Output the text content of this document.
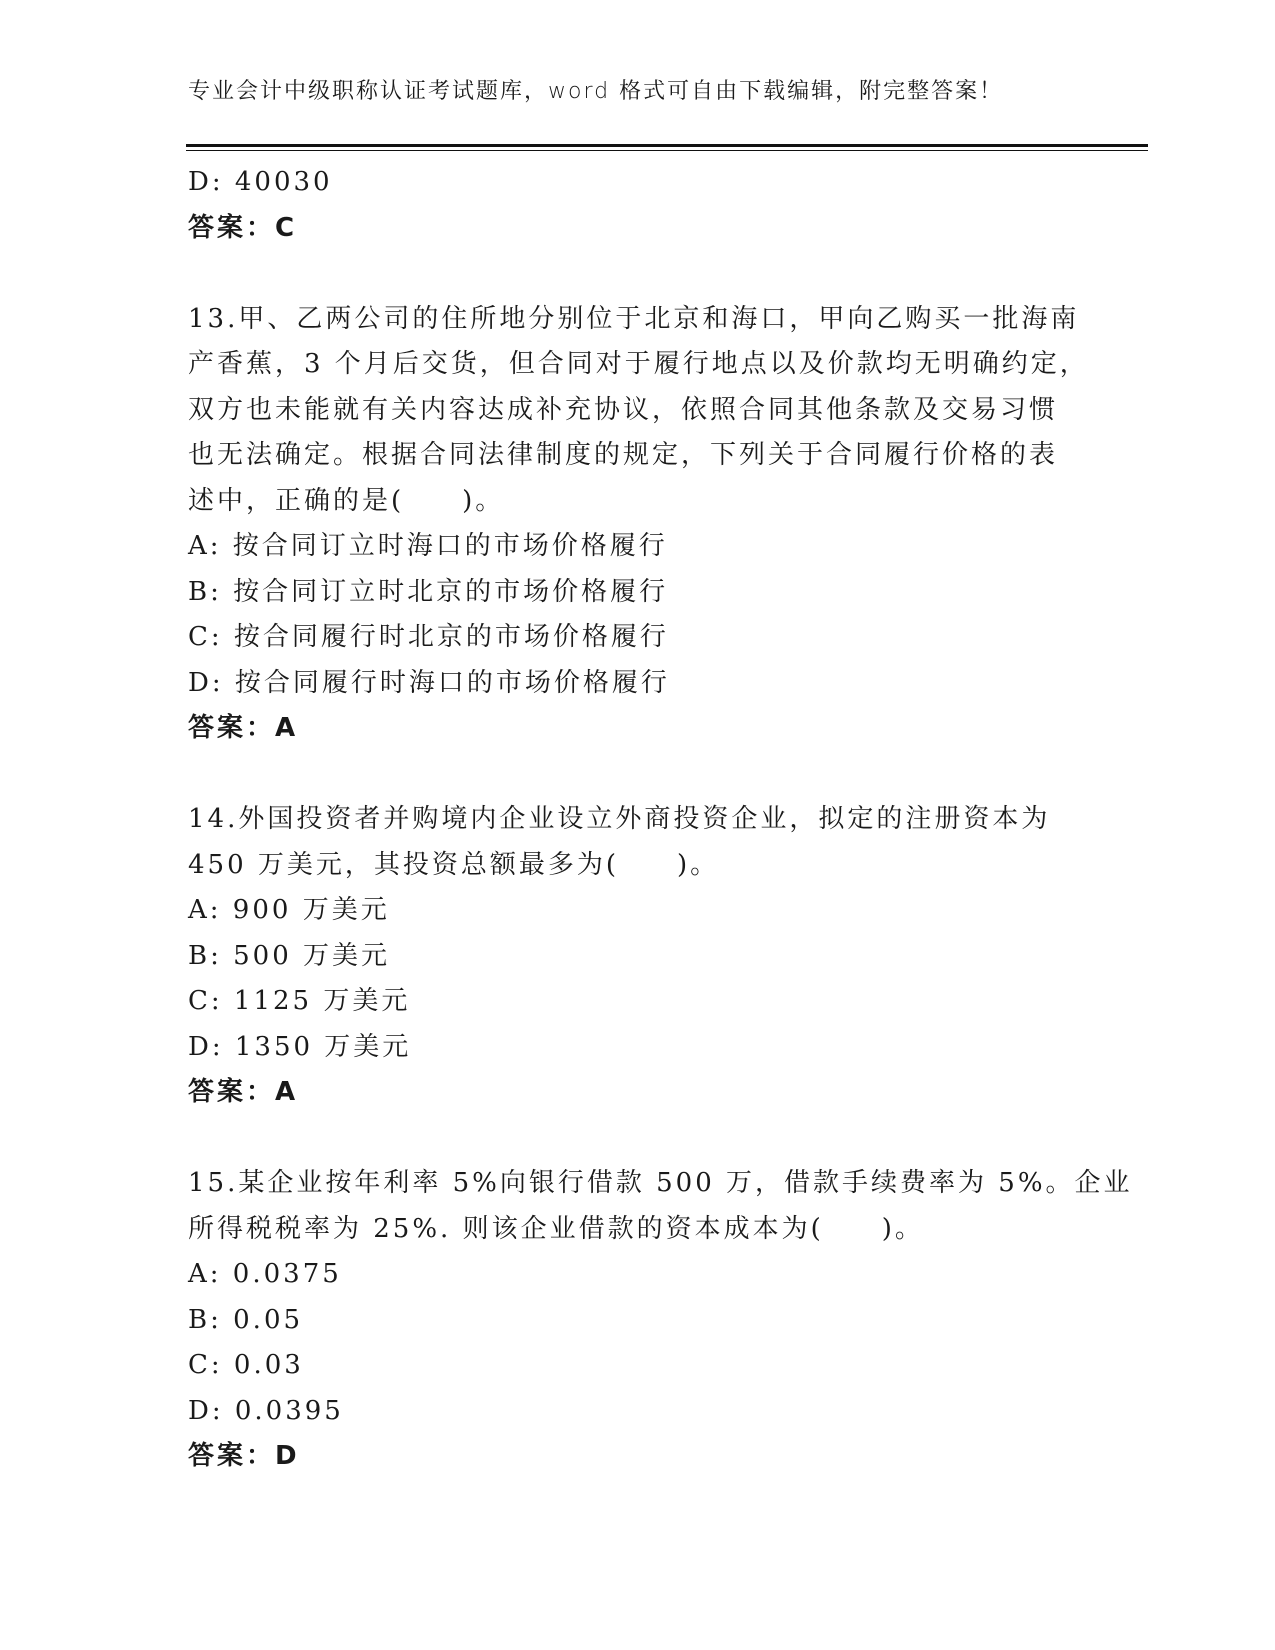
专业会计中级职称认证考试题库，word 格式可自由下载编辑，附完整答案！
D: 40030
答案：C
13.甲、乙两公司的住所地分别位于北京和海口，甲向乙购买一批海南
产香蕉，3 个月后交货，但合同对于履行地点以及价款均无明确约定，
双方也未能就有关内容达成补充协议，依照合同其他条款及交易习惯
也无法确定。根据合同法律制度的规定，下列关于合同履行价格的表
述中，正确的是(　　)。
A: 按合同订立时海口的市场价格履行
B: 按合同订立时北京的市场价格履行
C: 按合同履行时北京的市场价格履行
D: 按合同履行时海口的市场价格履行
答案：A
14.外国投资者并购境内企业设立外商投资企业，拟定的注册资本为
450 万美元，其投资总额最多为(　　)。
A: 900 万美元
B: 500 万美元
C: 1125 万美元
D: 1350 万美元
答案：A
15.某企业按年利率 5%向银行借款 500 万，借款手续费率为 5%。企业
所得税税率为 25%. 则该企业借款的资本成本为(　　)。
A: 0.0375
B: 0.05
C: 0.03
D: 0.0395
答案：D
